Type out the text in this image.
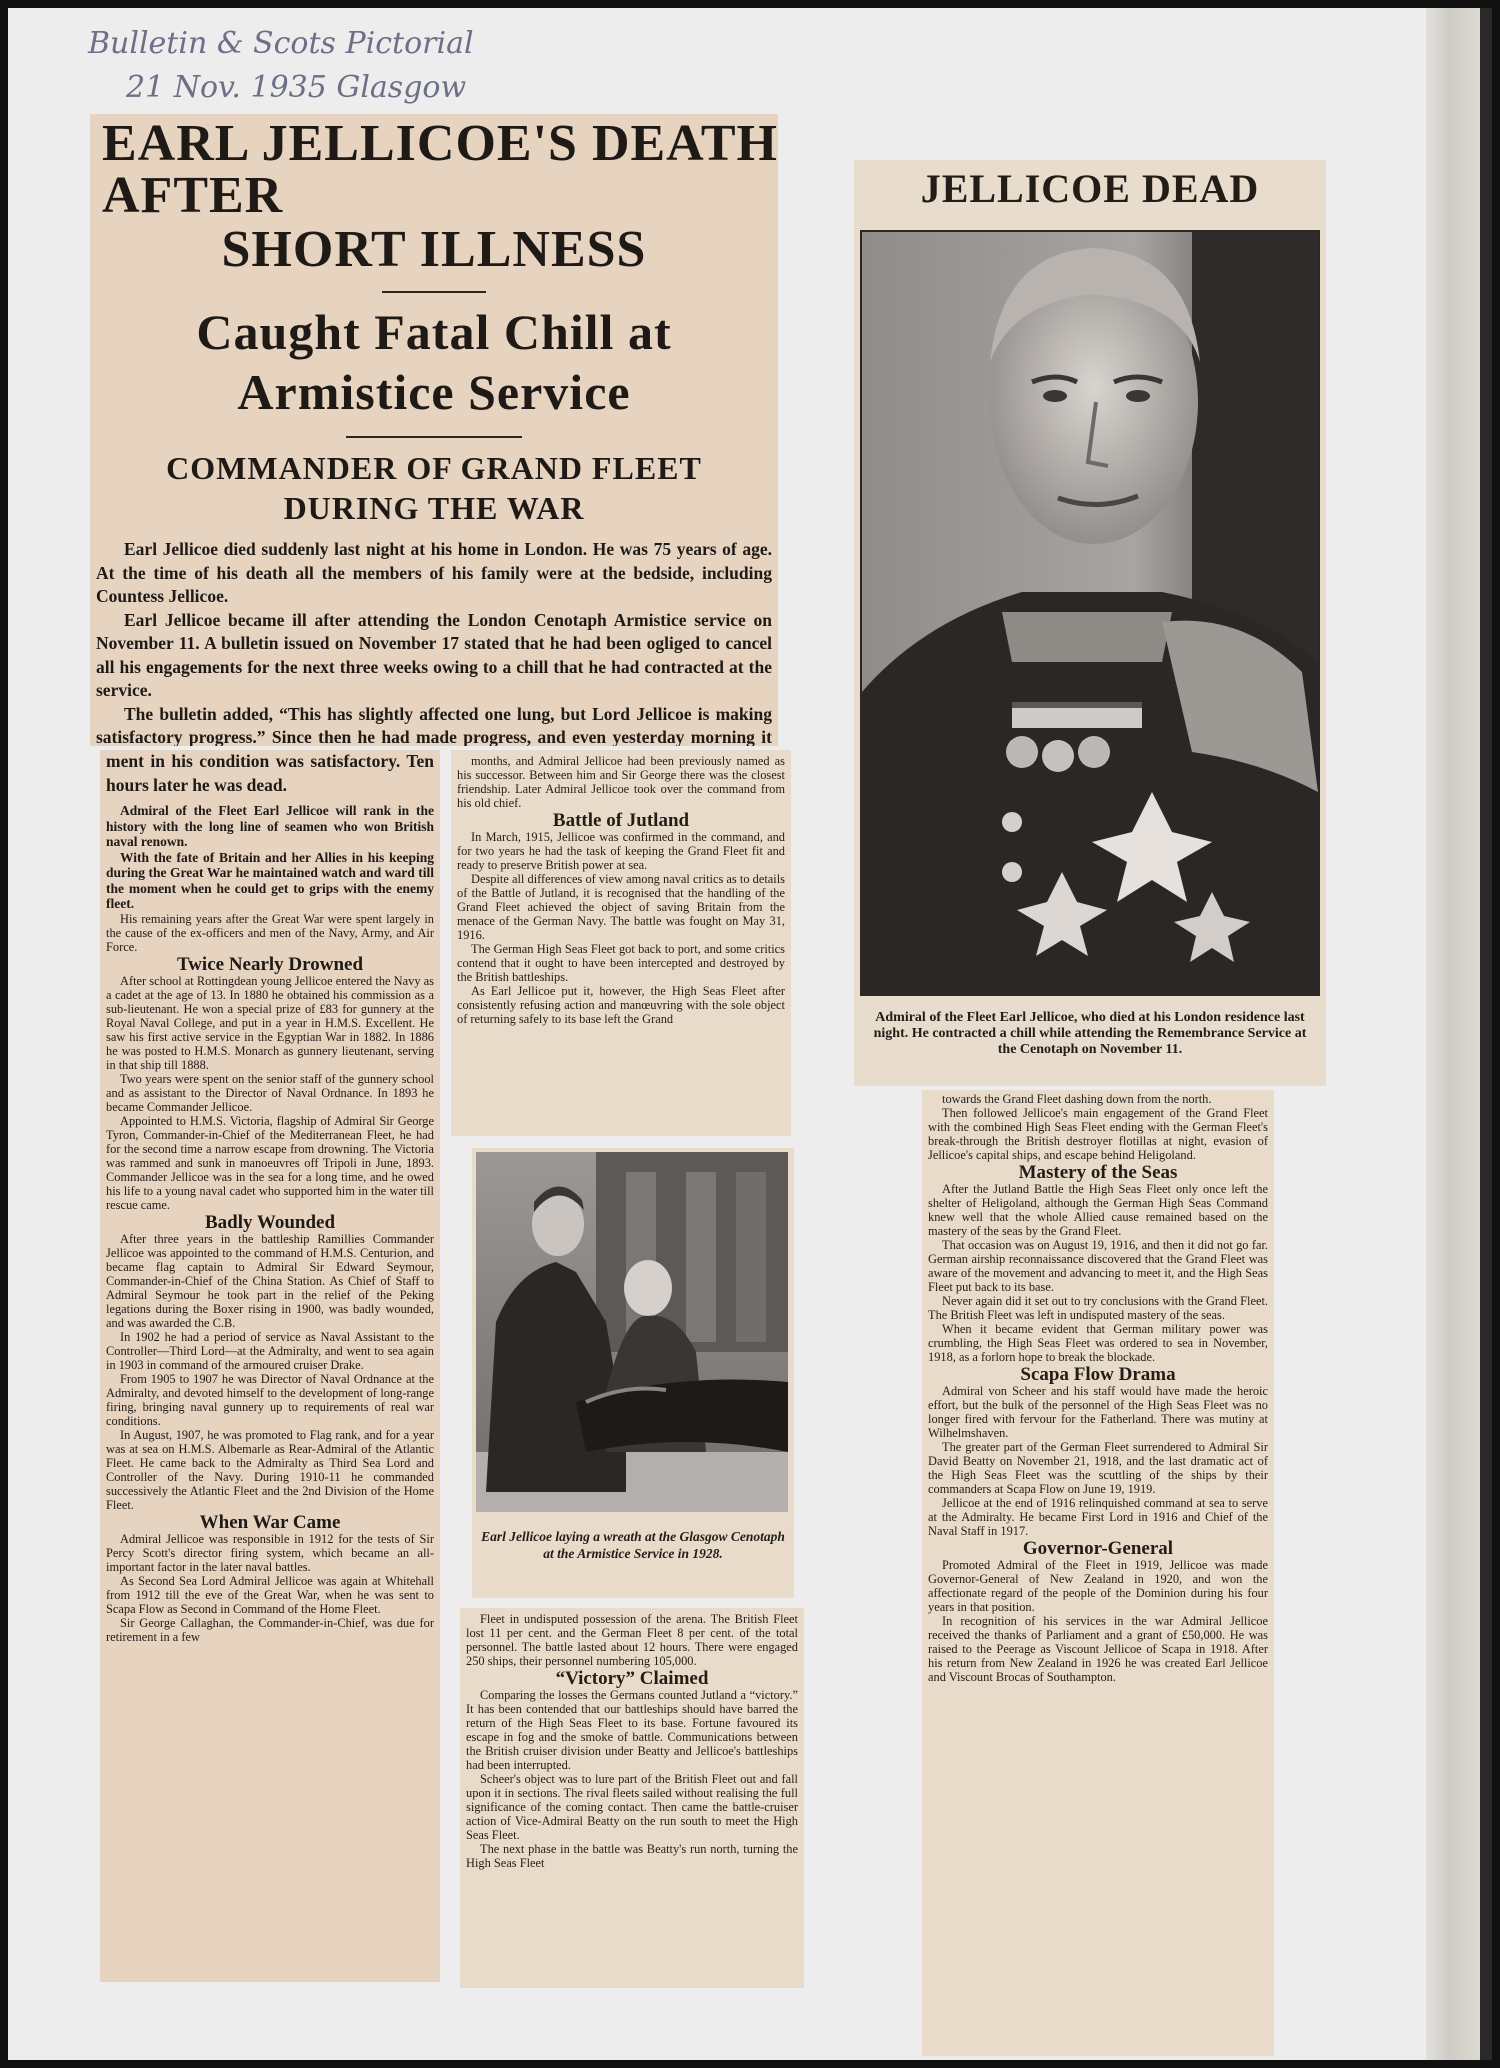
Bulletin & Scots Pictorial
21 Nov. 1935 Glasgow
EARL JELLICOE'S DEATH AFTER
SHORT ILLNESS
Caught Fatal Chill at
Armistice Service
COMMANDER OF GRAND FLEET
DURING THE WAR

Earl Jellicoe died suddenly last night at his home in London. He was 75 years of age. At the time of his death all the members of his family were at the bedside, including Countess Jellicoe.

Earl Jellicoe became ill after attending the London Cenotaph Armistice service on November 11. A bulletin issued on November 17 stated that he had been ogliged to cancel all his engagements for the next three weeks owing to a chill that he had contracted at the service.

The bulletin added, “This has slightly affected one lung, but Lord Jellicoe is making satisfactory progress.” Since then he had made progress, and even yesterday morning it

ment in his condition was satisfactory. Ten hours later he was dead.

Admiral of the Fleet Earl Jellicoe will rank in the history with the long line of seamen who won British naval renown.

With the fate of Britain and her Allies in his keeping during the Great War he maintained watch and ward till the moment when he could get to grips with the enemy fleet.

His remaining years after the Great War were spent largely in the cause of the ex-officers and men of the Navy, Army, and Air Force.

Twice Nearly Drowned

After school at Rottingdean young Jellicoe entered the Navy as a cadet at the age of 13. In 1880 he obtained his commission as a sub-lieutenant. He won a special prize of £83 for gunnery at the Royal Naval College, and put in a year in H.M.S. Excellent. He saw his first active service in the Egyptian War in 1882. In 1886 he was posted to H.M.S. Monarch as gunnery lieutenant, serving in that ship till 1888.

Two years were spent on the senior staff of the gunnery school and as assistant to the Director of Naval Ordnance. In 1893 he became Commander Jellicoe.

Appointed to H.M.S. Victoria, flagship of Admiral Sir George Tyron, Commander-in-Chief of the Mediterranean Fleet, he had for the second time a narrow escape from drowning. The Victoria was rammed and sunk in manoeuvres off Tripoli in June, 1893. Commander Jellicoe was in the sea for a long time, and he owed his life to a young naval cadet who supported him in the water till rescue came.

Badly Wounded

After three years in the battleship Ramillies Commander Jellicoe was appointed to the command of H.M.S. Centurion, and became flag captain to Admiral Sir Edward Seymour, Commander-in-Chief of the China Station. As Chief of Staff to Admiral Seymour he took part in the relief of the Peking legations during the Boxer rising in 1900, was badly wounded, and was awarded the C.B.

In 1902 he had a period of service as Naval Assistant to the Controller—Third Lord—at the Admiralty, and went to sea again in 1903 in command of the armoured cruiser Drake.

From 1905 to 1907 he was Director of Naval Ordnance at the Admiralty, and devoted himself to the development of long-range firing, bringing naval gunnery up to requirements of real war conditions.

In August, 1907, he was promoted to Flag rank, and for a year was at sea on H.M.S. Albemarle as Rear-Admiral of the Atlantic Fleet. He came back to the Admiralty as Third Sea Lord and Controller of the Navy. During 1910-11 he commanded successively the Atlantic Fleet and the 2nd Division of the Home Fleet.

When War Came

Admiral Jellicoe was responsible in 1912 for the tests of Sir Percy Scott's director firing system, which became an all-important factor in the later naval battles.

As Second Sea Lord Admiral Jellicoe was again at Whitehall from 1912 till the eve of the Great War, when he was sent to Scapa Flow as Second in Command of the Home Fleet.

Sir George Callaghan, the Commander-in-Chief, was due for retirement in a few

months, and Admiral Jellicoe had been previously named as his successor. Between him and Sir George there was the closest friendship. Later Admiral Jellicoe took over the command from his old chief.

Battle of Jutland

In March, 1915, Jellicoe was confirmed in the command, and for two years he had the task of keeping the Grand Fleet fit and ready to preserve British power at sea.

Despite all differences of view among naval critics as to details of the Battle of Jutland, it is recognised that the handling of the Grand Fleet achieved the object of saving Britain from the menace of the German Navy. The battle was fought on May 31, 1916.

The German High Seas Fleet got back to port, and some critics contend that it ought to have been intercepted and destroyed by the British battleships.

As Earl Jellicoe put it, however, the High Seas Fleet after consistently refusing action and manœuvring with the sole object of returning safely to its base left the Grand

Earl Jellicoe laying a wreath at the Glasgow Cenotaph at the Armistice Service in 1928.

Fleet in undisputed possession of the arena. The British Fleet lost 11 per cent. and the German Fleet 8 per cent. of the total personnel. The battle lasted about 12 hours. There were engaged 250 ships, their personnel numbering 105,000.

“Victory” Claimed

Comparing the losses the Germans counted Jutland a “victory.” It has been contended that our battleships should have barred the return of the High Seas Fleet to its base. Fortune favoured its escape in fog and the smoke of battle. Communications between the British cruiser division under Beatty and Jellicoe's battleships had been interrupted.

Scheer's object was to lure part of the British Fleet out and fall upon it in sections. The rival fleets sailed without realising the full significance of the coming contact. Then came the battle-cruiser action of Vice-Admiral Beatty on the run south to meet the High Seas Fleet.

The next phase in the battle was Beatty's run north, turning the High Seas Fleet

JELLICOE DEAD
Admiral of the Fleet Earl Jellicoe, who died at his London residence last night. He contracted a chill while attending the Remembrance Service at the Cenotaph on November 11.

towards the Grand Fleet dashing down from the north.

Then followed Jellicoe's main engagement of the Grand Fleet with the combined High Seas Fleet ending with the German Fleet's break-through the British destroyer flotillas at night, evasion of Jellicoe's capital ships, and escape behind Heligoland.

Mastery of the Seas

After the Jutland Battle the High Seas Fleet only once left the shelter of Heligoland, although the German High Seas Command knew well that the whole Allied cause remained based on the mastery of the seas by the Grand Fleet.

That occasion was on August 19, 1916, and then it did not go far. German airship reconnaissance discovered that the Grand Fleet was aware of the movement and advancing to meet it, and the High Seas Fleet put back to its base.

Never again did it set out to try conclusions with the Grand Fleet. The British Fleet was left in undisputed mastery of the seas.

When it became evident that German military power was crumbling, the High Seas Fleet was ordered to sea in November, 1918, as a forlorn hope to break the blockade.

Scapa Flow Drama

Admiral von Scheer and his staff would have made the heroic effort, but the bulk of the personnel of the High Seas Fleet was no longer fired with fervour for the Fatherland. There was mutiny at Wilhelmshaven.

The greater part of the German Fleet surrendered to Admiral Sir David Beatty on November 21, 1918, and the last dramatic act of the High Seas Fleet was the scuttling of the ships by their commanders at Scapa Flow on June 19, 1919.

Jellicoe at the end of 1916 relinquished command at sea to serve at the Admiralty. He became First Lord in 1916 and Chief of the Naval Staff in 1917.

Governor-General

Promoted Admiral of the Fleet in 1919, Jellicoe was made Governor-General of New Zealand in 1920, and won the affectionate regard of the people of the Dominion during his four years in that position.

In recognition of his services in the war Admiral Jellicoe received the thanks of Parliament and a grant of £50,000. He was raised to the Peerage as Viscount Jellicoe of Scapa in 1918. After his return from New Zealand in 1926 he was created Earl Jellicoe and Viscount Brocas of Southampton.
